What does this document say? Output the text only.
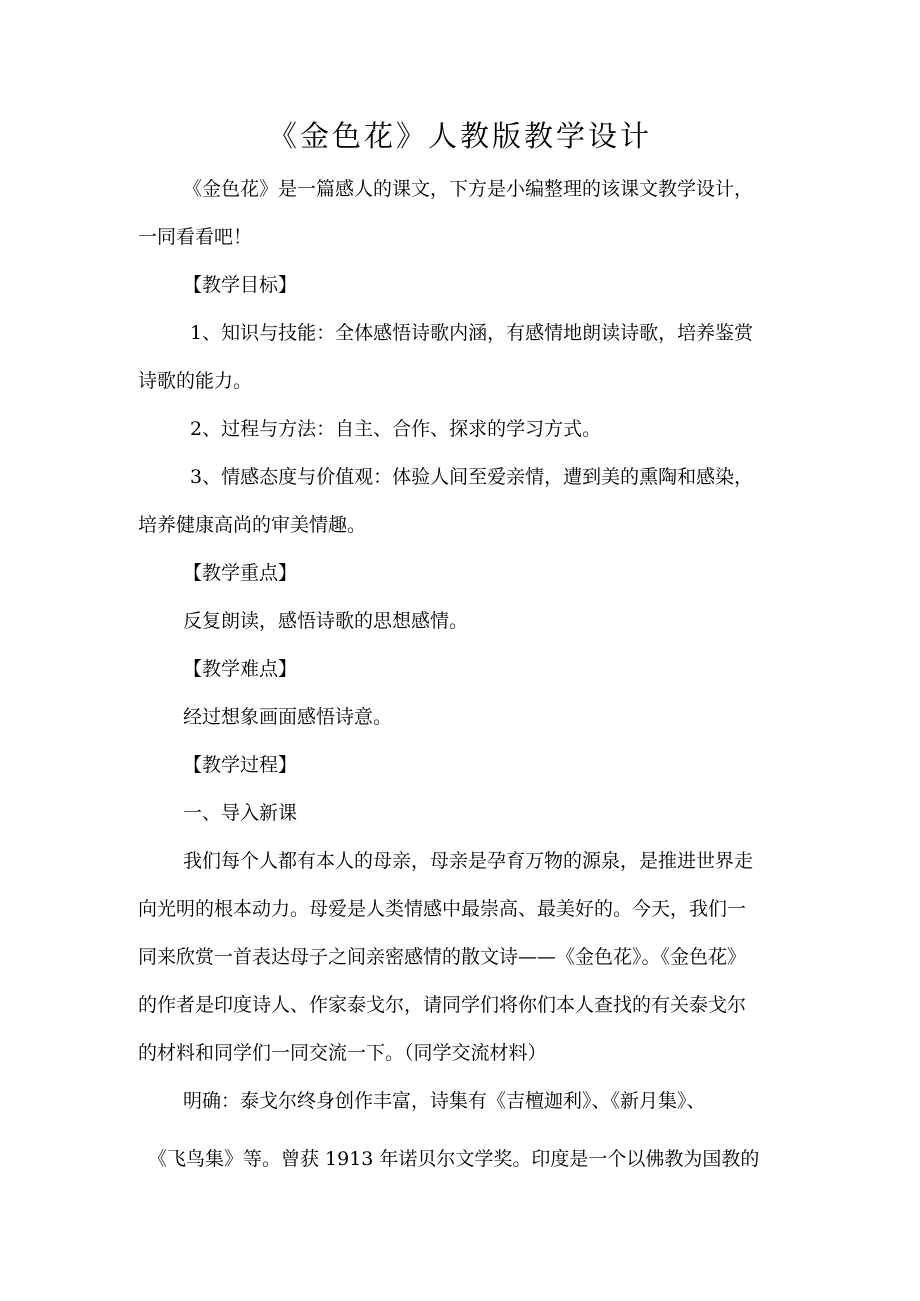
《金色花》人教版教学设计
《金色花》是一篇感人的课文，下方是小编整理的该课文教学设计，
一同看看吧！
【教学目标】
1、知识与技能：全体感悟诗歌内涵，有感情地朗读诗歌，培养鉴赏
诗歌的能力。
2、过程与方法：自主、合作、探求的学习方式。
3、情感态度与价值观：体验人间至爱亲情，遭到美的熏陶和感染，
培养健康高尚的审美情趣。
【教学重点】
反复朗读，感悟诗歌的思想感情。
【教学难点】
经过想象画面感悟诗意。
【教学过程】
一、导入新课
我们每个人都有本人的母亲，母亲是孕育万物的源泉，是推进世界走
向光明的根本动力。母爱是人类情感中最崇高、最美好的。今天，我们一
同来欣赏一首表达母子之间亲密感情的散文诗——《金色花》。《金色花》
的作者是印度诗人、作家泰戈尔，请同学们将你们本人查找的有关泰戈尔
的材料和同学们一同交流一下。（同学交流材料）
明确：泰戈尔终身创作丰富，诗集有《吉檀迦利》、《新月集》、
《飞鸟集》等。曾获 1913 年诺贝尔文学奖。印度是一个以佛教为国教的
